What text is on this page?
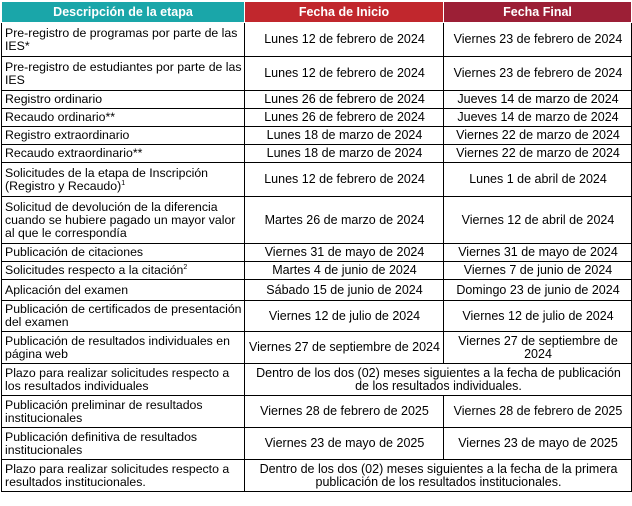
Descripción de la etapa	Fecha de Inicio	Fecha Final
Pre-registro de programas por parte de las IES*	Lunes 12 de febrero de 2024	Viernes 23 de febrero de 2024
Pre-registro de estudiantes por parte de las IES	Lunes 12 de febrero de 2024	Viernes 23 de febrero de 2024
Registro ordinario	Lunes 26 de febrero de 2024	Jueves 14 de marzo de 2024
Recaudo ordinario**	Lunes 26 de febrero de 2024	Jueves 14 de marzo de 2024
Registro extraordinario	Lunes 18 de marzo de 2024	Viernes 22 de marzo de 2024
Recaudo extraordinario**	Lunes 18 de marzo de 2024	Viernes 22 de marzo de 2024
Solicitudes de la etapa de Inscripción (Registro y Recaudo)$^1$	Lunes 12 de febrero de 2024	Lunes 1 de abril de 2024
Solicitud de devolución de la diferencia cuando se hubiere pagado un mayor valor al que le correspondía	Martes 26 de marzo de 2024	Viernes 12 de abril de 2024
Publicación de citaciones	Viernes 31 de mayo de 2024	Viernes 31 de mayo de 2024
Solicitudes respecto a la citación$^2$	Martes 4 de junio de 2024	Viernes 7 de junio de 2024
Aplicación del examen	Sábado 15 de junio de 2024	Domingo 23 de junio de 2024
Publicación de certificados de presentación del examen	Viernes 12 de julio de 2024	Viernes 12 de julio de 2024
Publicación de resultados individuales en página web	Viernes 27 de septiembre de 2024	Viernes 27 de septiembre de 2024
Plazo para realizar solicitudes respecto a los resultados individuales	Dentro de los dos (02) meses siguientes a la fecha de publicación de los resultados individuales.	
Publicación preliminar de resultados institucionales	Viernes 28 de febrero de 2025	Viernes 28 de febrero de 2025
Publicación definitiva de resultados institucionales	Viernes 23 de mayo de 2025	Viernes 23 de mayo de 2025
Plazo para realizar solicitudes respecto a resultados institucionales.	Dentro de los dos (02) meses siguientes a la fecha de la primera publicación de los resultados institucionales.	
